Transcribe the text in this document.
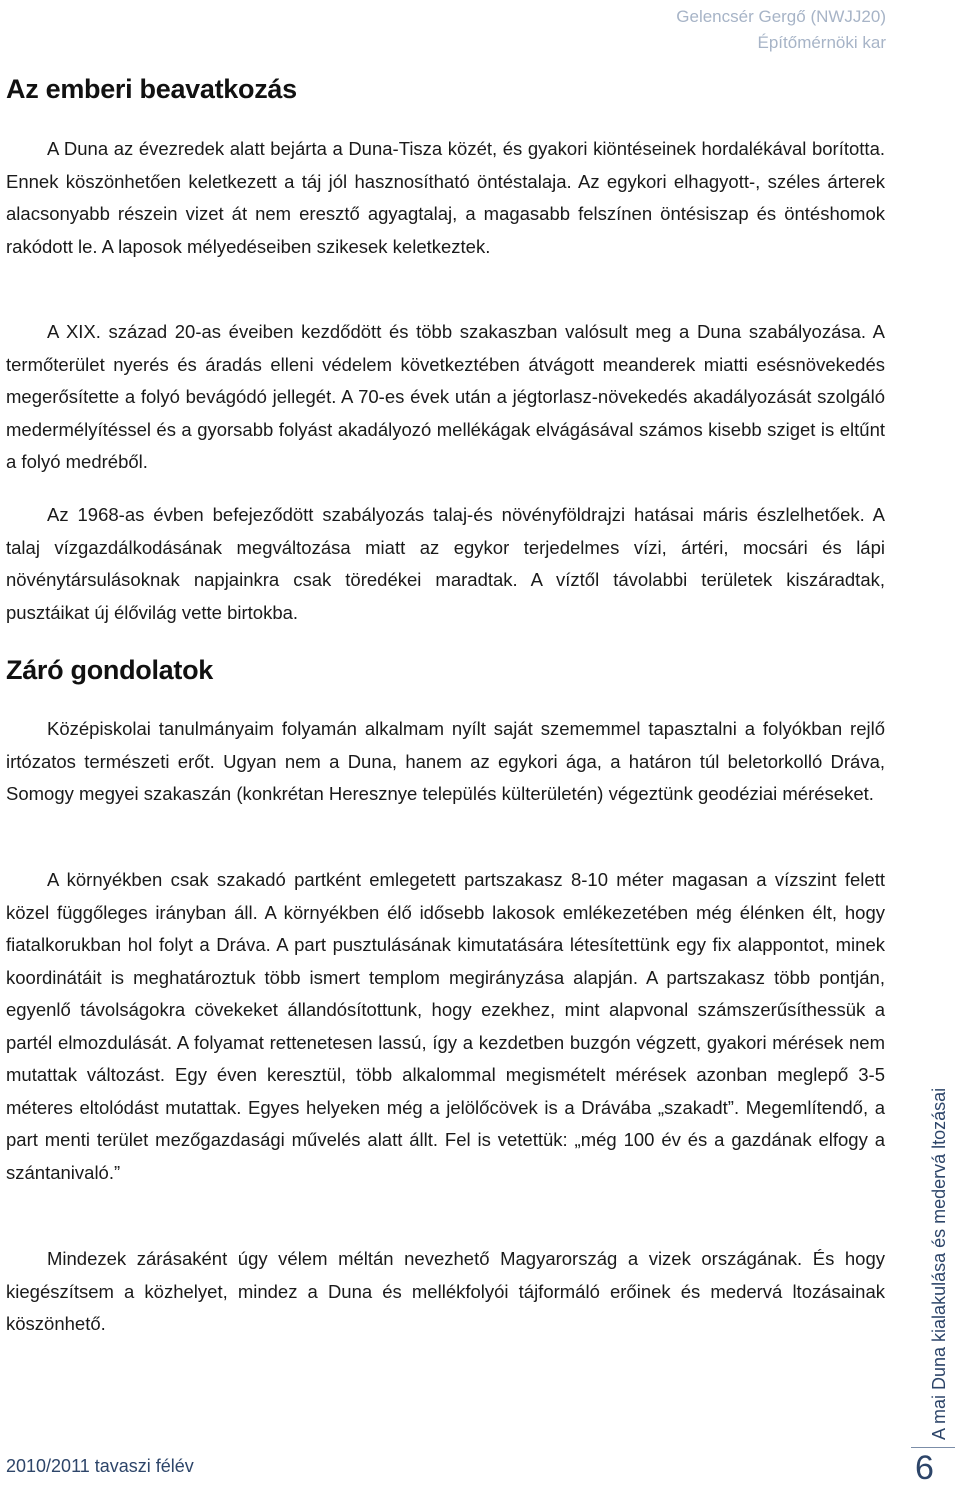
Gelencsér Gergő (NWJJ20)
Építőmérnöki kar
Az emberi beavatkozás

A Duna az évezredek alatt bejárta a Duna-Tisza közét, és gyakori kiöntéseinek hordalékával borította. Ennek köszönhetően keletkezett a táj jól hasznosítható öntéstalaja. Az egykori elhagyott-, széles árterek alacsonyabb részein vizet át nem eresztő agyagtalaj, a magasabb felszínen öntésiszap és öntéshomok rakódott le. A laposok mélyedéseiben szikesek keletkeztek.

A XIX. század 20-as éveiben kezdődött és több szakaszban valósult meg a Duna szabályozása. A termőterület nyerés és áradás elleni védelem következtében átvágott meanderek miatti esésnövekedés megerősítette a folyó bevágódó jellegét. A 70-es évek után a jégtorlasz-növekedés akadályozását szolgáló medermélyítéssel és a gyorsabb folyást akadályozó mellékágak elvágásával számos kisebb sziget is eltűnt a folyó medréből.

Az 1968-as évben befejeződött szabályozás talaj-és növényföldrajzi hatásai máris észlelhetőek. A talaj vízgazdálkodásának megváltozása miatt az egykor terjedelmes vízi, ártéri, mocsári és lápi növénytársulásoknak napjainkra csak töredékei maradtak. A víztől távolabbi területek kiszáradtak, pusztáikat új élővilág vette birtokba.

Záró gondolatok

Középiskolai tanulmányaim folyamán alkalmam nyílt saját szememmel tapasztalni a folyókban rejlő irtózatos természeti erőt. Ugyan nem a Duna, hanem az egykori ága, a határon túl beletorkolló Dráva, Somogy megyei szakaszán (konkrétan Heresznye település külterületén) végeztünk geodéziai méréseket.

A környékben csak szakadó partként emlegetett partszakasz 8-10 méter magasan a vízszint felett közel függőleges irányban áll. A környékben élő idősebb lakosok emlékezetében még élénken élt, hogy fiatalkorukban hol folyt a Dráva. A part pusztulásának kimutatására létesítettünk egy fix alappontot, minek koordinátáit is meghatároztuk több ismert templom megirányzása alapján. A partszakasz több pontján, egyenlő távolságokra cövekeket állandósítottunk, hogy ezekhez, mint alapvonal számszerűsíthessük a partél elmozdulását. A folyamat rettenetesen lassú, így a kezdetben buzgón végzett, gyakori mérések nem mutattak változást. Egy éven keresztül, több alkalommal megismételt mérések azonban meglepő 3-5 méteres eltolódást mutattak. Egyes helyeken még a jelölőcövek is a Drávába „szakadt”. Megemlítendő, a part menti terület mezőgazdasági művelés alatt állt. Fel is vetettük: „még 100 év és a gazdának elfogy a szántanivaló.”

Mindezek zárásaként úgy vélem méltán nevezhető Magyarország a vizek országának. És hogy kiegészítsem a közhelyet, mindez a Duna és mellékfolyói tájformáló erőinek és medervá ltozásainak köszönhető.

2010/2011 tavaszi félév
A mai Duna kialakulása és medervá ltozásai
6
